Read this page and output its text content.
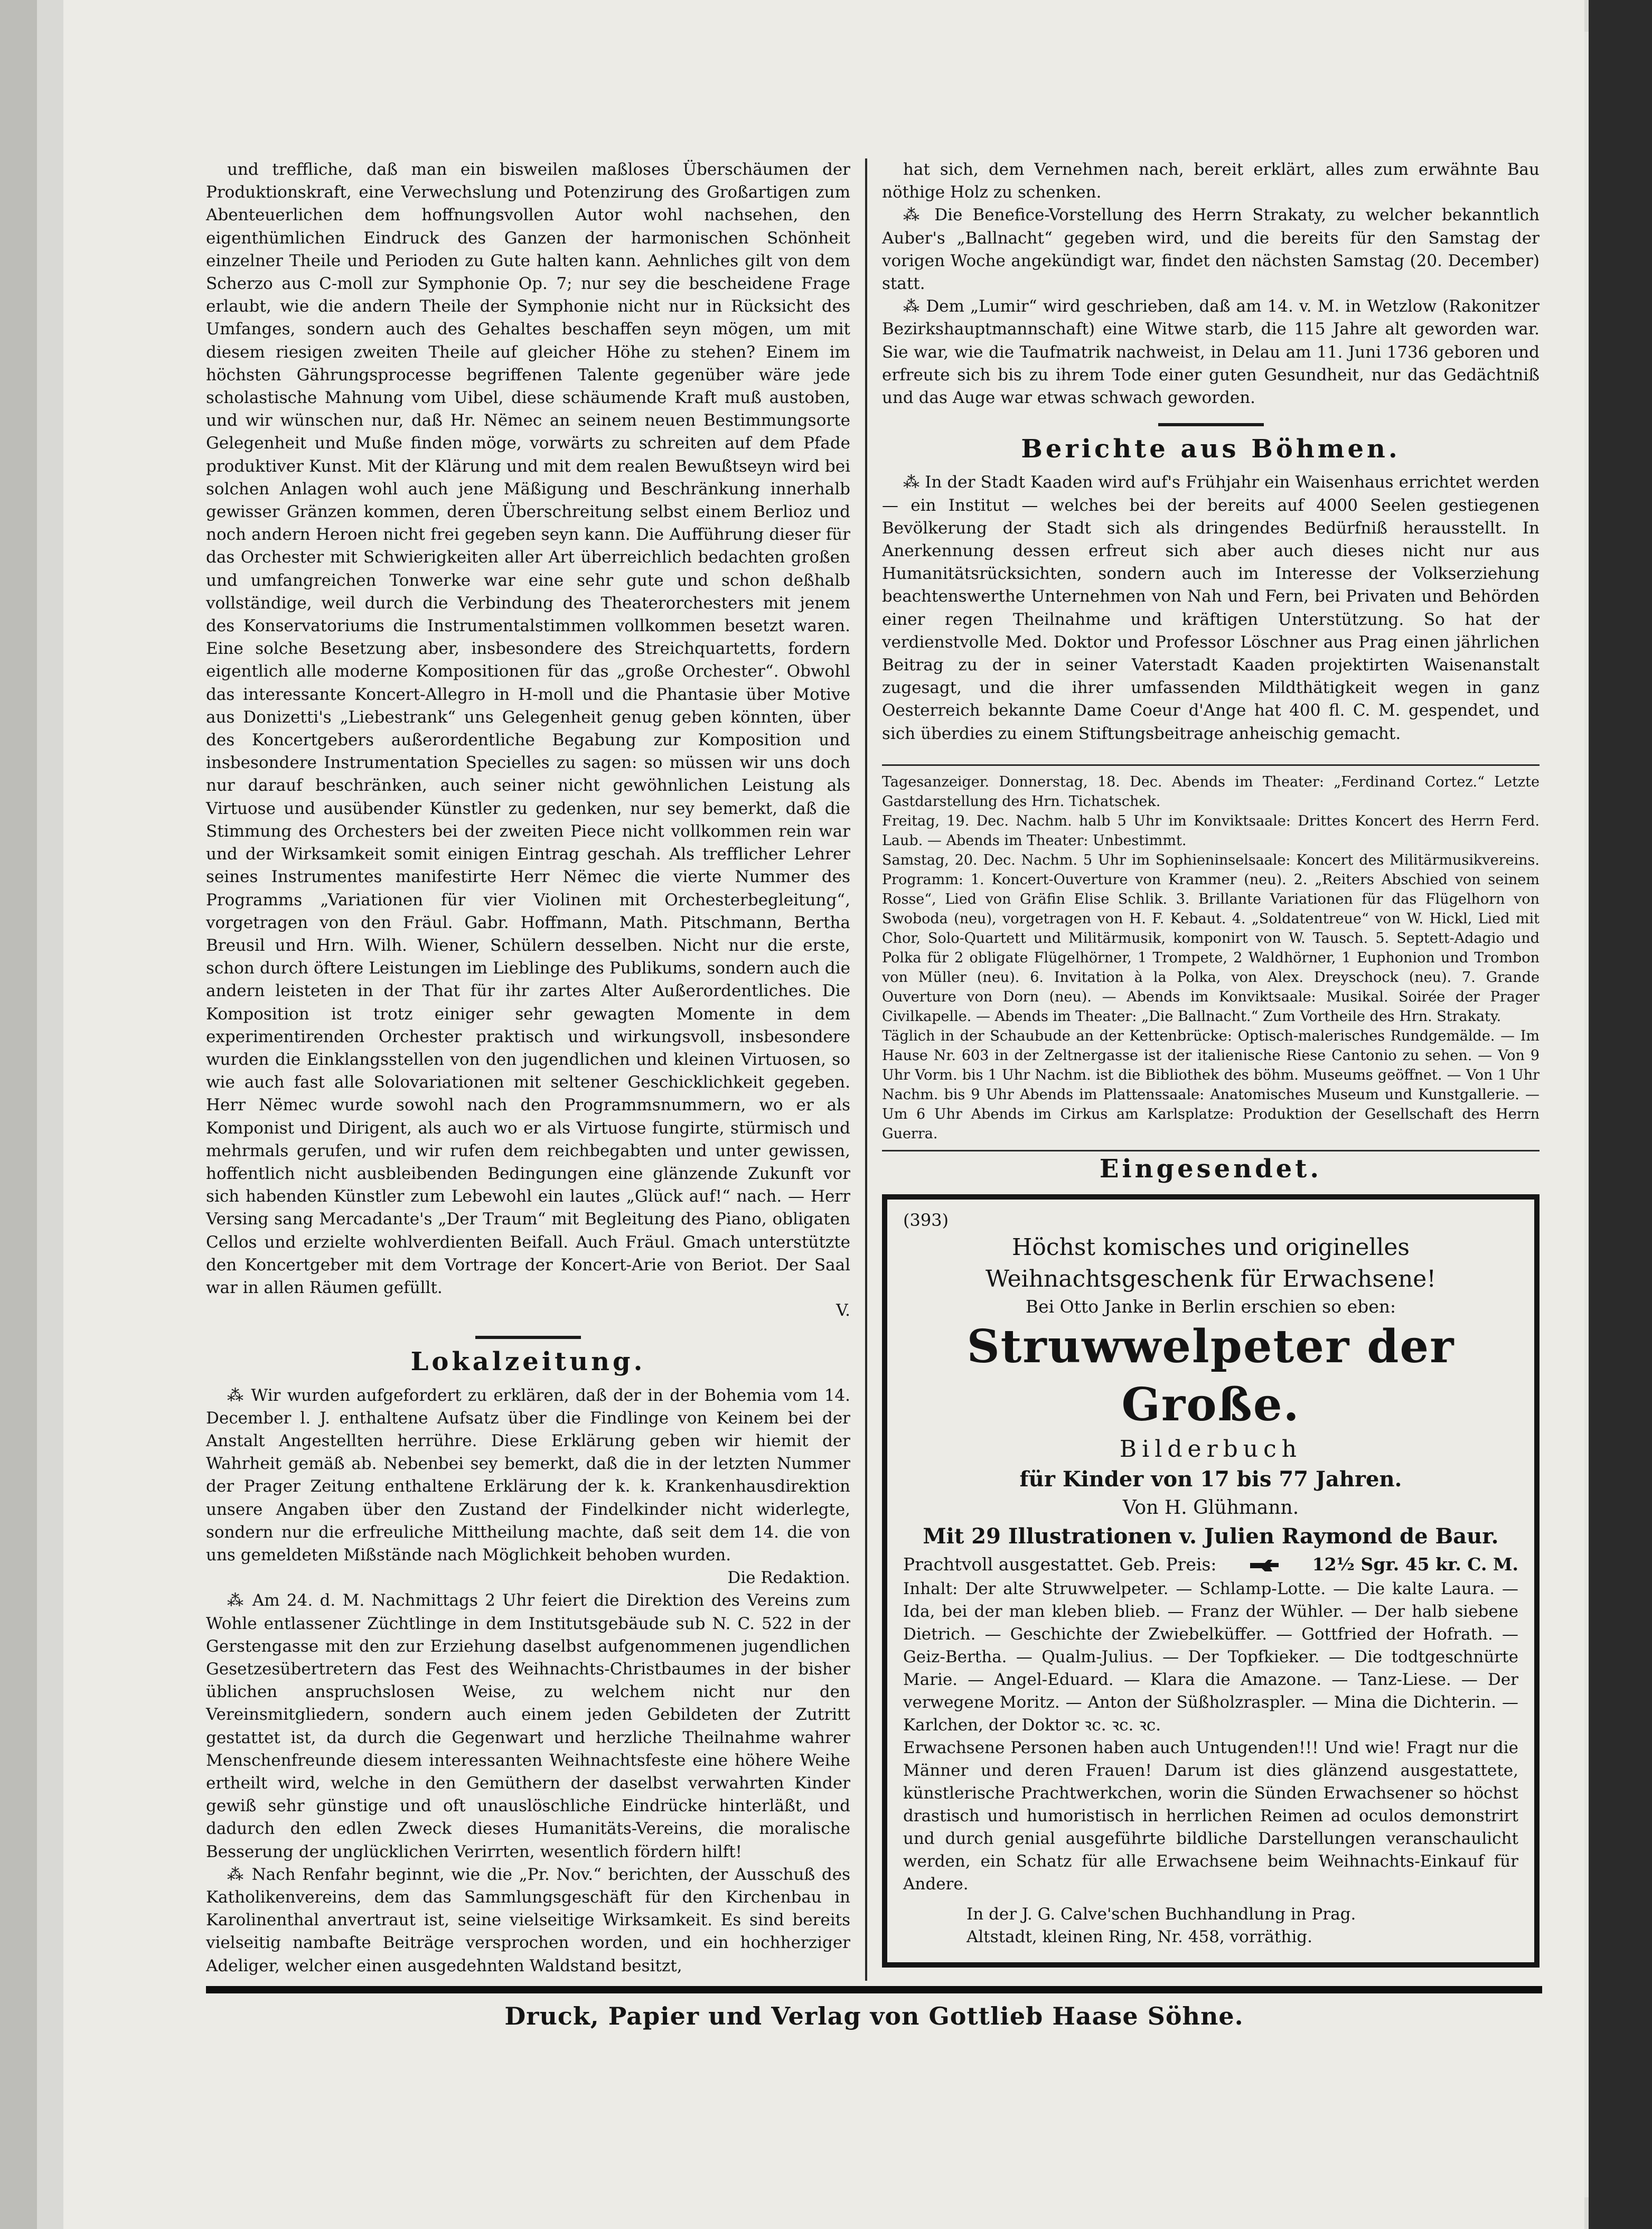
und treffliche, daß man ein bisweilen maßloses Überschäumen der Produktionskraft, eine Verwechslung und Potenzirung des Großartigen zum Abenteuerlichen dem hoffnungsvollen Autor wohl nachsehen, den eigenthümlichen Eindruck des Ganzen der harmonischen Schönheit einzelner Theile und Perioden zu Gute halten kann. Aehnliches gilt von dem Scherzo aus C-moll zur Symphonie Op. 7; nur sey die bescheidene Frage erlaubt, wie die andern Theile der Symphonie nicht nur in Rücksicht des Umfanges, sondern auch des Gehaltes beschaffen seyn mögen, um mit diesem riesigen zweiten Theile auf gleicher Höhe zu stehen? Einem im höchsten Gährungsprocesse begriffenen Talente gegenüber wäre jede scholastische Mahnung vom Uibel, diese schäumende Kraft muß austoben, und wir wünschen nur, daß Hr. Nëmec an seinem neuen Bestimmungsorte Gelegenheit und Muße finden möge, vorwärts zu schreiten auf dem Pfade produktiver Kunst. Mit der Klärung und mit dem realen Bewußtseyn wird bei solchen Anlagen wohl auch jene Mäßigung und Beschränkung innerhalb gewisser Gränzen kommen, deren Überschreitung selbst einem Berlioz und noch andern Heroen nicht frei gegeben seyn kann. Die Aufführung dieser für das Orchester mit Schwierigkeiten aller Art überreichlich bedachten großen und umfangreichen Tonwerke war eine sehr gute und schon deßhalb vollständige, weil durch die Verbindung des Theaterorchesters mit jenem des Konservatoriums die Instrumentalstimmen vollkommen besetzt waren. Eine solche Besetzung aber, insbesondere des Streichquartetts, fordern eigentlich alle moderne Kompositionen für das „große Orchester“. Obwohl das interessante Koncert-Allegro in H-moll und die Phantasie über Motive aus Donizetti's „Liebestrank“ uns Gelegenheit genug geben könnten, über des Koncertgebers außerordentliche Begabung zur Komposition und insbesondere Instrumentation Specielles zu sagen: so müssen wir uns doch nur darauf beschränken, auch seiner nicht gewöhnlichen Leistung als Virtuose und ausübender Künstler zu gedenken, nur sey bemerkt, daß die Stimmung des Orchesters bei der zweiten Piece nicht vollkommen rein war und der Wirksamkeit somit einigen Eintrag geschah. Als trefflicher Lehrer seines Instrumentes manifestirte Herr Nëmec die vierte Nummer des Programms „Variationen für vier Violinen mit Orchesterbegleitung“, vorgetragen von den Fräul. Gabr. Hoffmann, Math. Pitschmann, Bertha Breusil und Hrn. Wilh. Wiener, Schülern desselben. Nicht nur die erste, schon durch öftere Leistungen im Lieblinge des Publikums, sondern auch die andern leisteten in der That für ihr zartes Alter Außerordentliches. Die Komposition ist trotz einiger sehr gewagten Momente in dem experimentirenden Orchester praktisch und wirkungsvoll, insbesondere wurden die Einklangsstellen von den jugendlichen und kleinen Virtuosen, so wie auch fast alle Solovariationen mit seltener Geschicklichkeit gegeben. Herr Nëmec wurde sowohl nach den Programmsnummern, wo er als Komponist und Dirigent, als auch wo er als Virtuose fungirte, stürmisch und mehrmals gerufen, und wir rufen dem reichbegabten und unter gewissen, hoffentlich nicht ausbleibenden Bedingungen eine glänzende Zukunft vor sich habenden Künstler zum Lebewohl ein lautes „Glück auf!“ nach. — Herr Versing sang Mercadante's „Der Traum“ mit Begleitung des Piano, obligaten Cellos und erzielte wohlverdienten Beifall. Auch Fräul. Gmach unterstützte den Koncertgeber mit dem Vortrage der Koncert-Arie von Beriot. Der Saal war in allen Räumen gefüllt.

V.
Lokalzeitung.

⁂ Wir wurden aufgefordert zu erklären, daß der in der Bohemia vom 14. December l. J. enthaltene Aufsatz über die Findlinge von Keinem bei der Anstalt Angestellten herrühre. Diese Erklärung geben wir hiemit der Wahrheit gemäß ab. Nebenbei sey bemerkt, daß die in der letzten Nummer der Prager Zeitung enthaltene Erklärung der k. k. Krankenhausdirektion unsere Angaben über den Zustand der Findelkinder nicht widerlegte, sondern nur die erfreuliche Mittheilung machte, daß seit dem 14. die von uns gemeldeten Mißstände nach Möglichkeit behoben wurden.

Die Redaktion.

⁂ Am 24. d. M. Nachmittags 2 Uhr feiert die Direktion des Vereins zum Wohle entlassener Züchtlinge in dem Institutsgebäude sub N. C. 522 in der Gerstengasse mit den zur Erziehung daselbst aufgenommenen jugendlichen Gesetzesübertretern das Fest des Weihnachts-Christbaumes in der bisher üblichen anspruchslosen Weise, zu welchem nicht nur den Vereinsmitgliedern, sondern auch einem jeden Gebildeten der Zutritt gestattet ist, da durch die Gegenwart und herzliche Theilnahme wahrer Menschenfreunde diesem interessanten Weihnachtsfeste eine höhere Weihe ertheilt wird, welche in den Gemüthern der daselbst verwahrten Kinder gewiß sehr günstige und oft unauslöschliche Eindrücke hinterläßt, und dadurch den edlen Zweck dieses Humanitäts-Vereins, die moralische Besserung der unglücklichen Verirrten, wesentlich fördern hilft!

⁂ Nach Renfahr beginnt, wie die „Pr. Nov.“ berichten, der Ausschuß des Katholikenvereins, dem das Sammlungsgeschäft für den Kirchenbau in Karolinenthal anvertraut ist, seine vielseitige Wirksamkeit. Es sind bereits vielseitig nambafte Beiträge versprochen worden, und ein hochherziger Adeliger, welcher einen ausgedehnten Waldstand besitzt,

hat sich, dem Vernehmen nach, bereit erklärt, alles zum erwähnte Bau nöthige Holz zu schenken.

⁂ Die Benefice-Vorstellung des Herrn Strakaty, zu welcher bekanntlich Auber's „Ballnacht“ gegeben wird, und die bereits für den Samstag der vorigen Woche angekündigt war, findet den nächsten Samstag (20. December) statt.

⁂ Dem „Lumir“ wird geschrieben, daß am 14. v. M. in Wetzlow (Rakonitzer Bezirkshauptmannschaft) eine Witwe starb, die 115 Jahre alt geworden war. Sie war, wie die Taufmatrik nachweist, in Delau am 11. Juni 1736 geboren und erfreute sich bis zu ihrem Tode einer guten Gesundheit, nur das Gedächtniß und das Auge war etwas schwach geworden.

Berichte aus Böhmen.

⁂ In der Stadt Kaaden wird auf's Frühjahr ein Waisenhaus errichtet werden — ein Institut — welches bei der bereits auf 4000 Seelen gestiegenen Bevölkerung der Stadt sich als dringendes Bedürfniß herausstellt. In Anerkennung dessen erfreut sich aber auch dieses nicht nur aus Humanitätsrücksichten, sondern auch im Interesse der Volkserziehung beachtenswerthe Unternehmen von Nah und Fern, bei Privaten und Behörden einer regen Theilnahme und kräftigen Unterstützung. So hat der verdienstvolle Med. Doktor und Professor Löschner aus Prag einen jährlichen Beitrag zu der in seiner Vaterstadt Kaaden projektirten Waisenanstalt zugesagt, und die ihrer umfassenden Mildthätigkeit wegen in ganz Oesterreich bekannte Dame Coeur d'Ange hat 400 fl. C. M. gespendet, und sich überdies zu einem Stiftungsbeitrage anheischig gemacht.

Tagesanzeiger. Donnerstag, 18. Dec. Abends im Theater: „Ferdinand Cortez.“ Letzte Gastdarstellung des Hrn. Tichatschek.

Freitag, 19. Dec. Nachm. halb 5 Uhr im Konviktsaale: Drittes Koncert des Herrn Ferd. Laub. — Abends im Theater: Unbestimmt.

Samstag, 20. Dec. Nachm. 5 Uhr im Sophieninselsaale: Koncert des Militärmusikvereins. Programm: 1. Koncert-Ouverture von Krammer (neu). 2. „Reiters Abschied von seinem Rosse“, Lied von Gräfin Elise Schlik. 3. Brillante Variationen für das Flügelhorn von Swoboda (neu), vorgetragen von H. F. Kebaut. 4. „Soldatentreue“ von W. Hickl, Lied mit Chor, Solo-Quartett und Militärmusik, komponirt von W. Tausch. 5. Septett-Adagio und Polka für 2 obligate Flügelhörner, 1 Trompete, 2 Waldhörner, 1 Euphonion und Trombon von Müller (neu). 6. Invitation à la Polka, von Alex. Dreyschock (neu). 7. Grande Ouverture von Dorn (neu). — Abends im Konviktsaale: Musikal. Soirée der Prager Civilkapelle. — Abends im Theater: „Die Ballnacht.“ Zum Vortheile des Hrn. Strakaty.

Täglich in der Schaubude an der Kettenbrücke: Optisch-malerisches Rundgemälde. — Im Hause Nr. 603 in der Zeltnergasse ist der italienische Riese Cantonio zu sehen. — Von 9 Uhr Vorm. bis 1 Uhr Nachm. ist die Bibliothek des böhm. Museums geöffnet. — Von 1 Uhr Nachm. bis 9 Uhr Abends im Plattenssaale: Anatomisches Museum und Kunstgallerie. — Um 6 Uhr Abends im Cirkus am Karlsplatze: Produktion der Gesellschaft des Herrn Guerra.

Eingesendet.

(393)

Höchst komisches und originelles Weihnachtsgeschenk für Erwachsene!

Bei Otto Janke in Berlin erschien so eben:

Struwwelpeter der Große.

Bilderbuch

für Kinder von 17 bis 77 Jahren.

Von H. Glühmann.

Mit 29 Illustrationen v. Julien Raymond de Baur.

Prachtvoll ausgestattet. Geb. Preis:	12½ Sgr. 45 kr. C. M.

Inhalt: Der alte Struwwelpeter. — Schlamp-Lotte. — Die kalte Laura. — Ida, bei der man kleben blieb. — Franz der Wühler. — Der halb siebene Dietrich. — Geschichte der Zwiebelküffer. — Gottfried der Hofrath. — Geiz-Bertha. — Qualm-Julius. — Der Topfkieker. — Die todtgeschnürte Marie. — Angel-Eduard. — Klara die Amazone. — Tanz-Liese. — Der verwegene Moritz. — Anton der Süßholzraspler. — Mina die Dichterin. — Karlchen, der Doktor ꝛc. ꝛc. ꝛc.

Erwachsene Personen haben auch Untugenden!!! Und wie! Fragt nur die Männer und deren Frauen! Darum ist dies glänzend ausgestattete, künstlerische Prachtwerkchen, worin die Sünden Erwachsener so höchst drastisch und humoristisch in herrlichen Reimen ad oculos demonstrirt und durch genial ausgeführte bildliche Darstellungen veranschaulicht werden, ein Schatz für alle Erwachsene beim Weihnachts-Einkauf für Andere.

In der J. G. Calve'schen Buchhandlung in Prag.

Altstadt, kleinen Ring, Nr. 458, vorräthig.

Druck, Papier und Verlag von Gottlieb Haase Söhne.
